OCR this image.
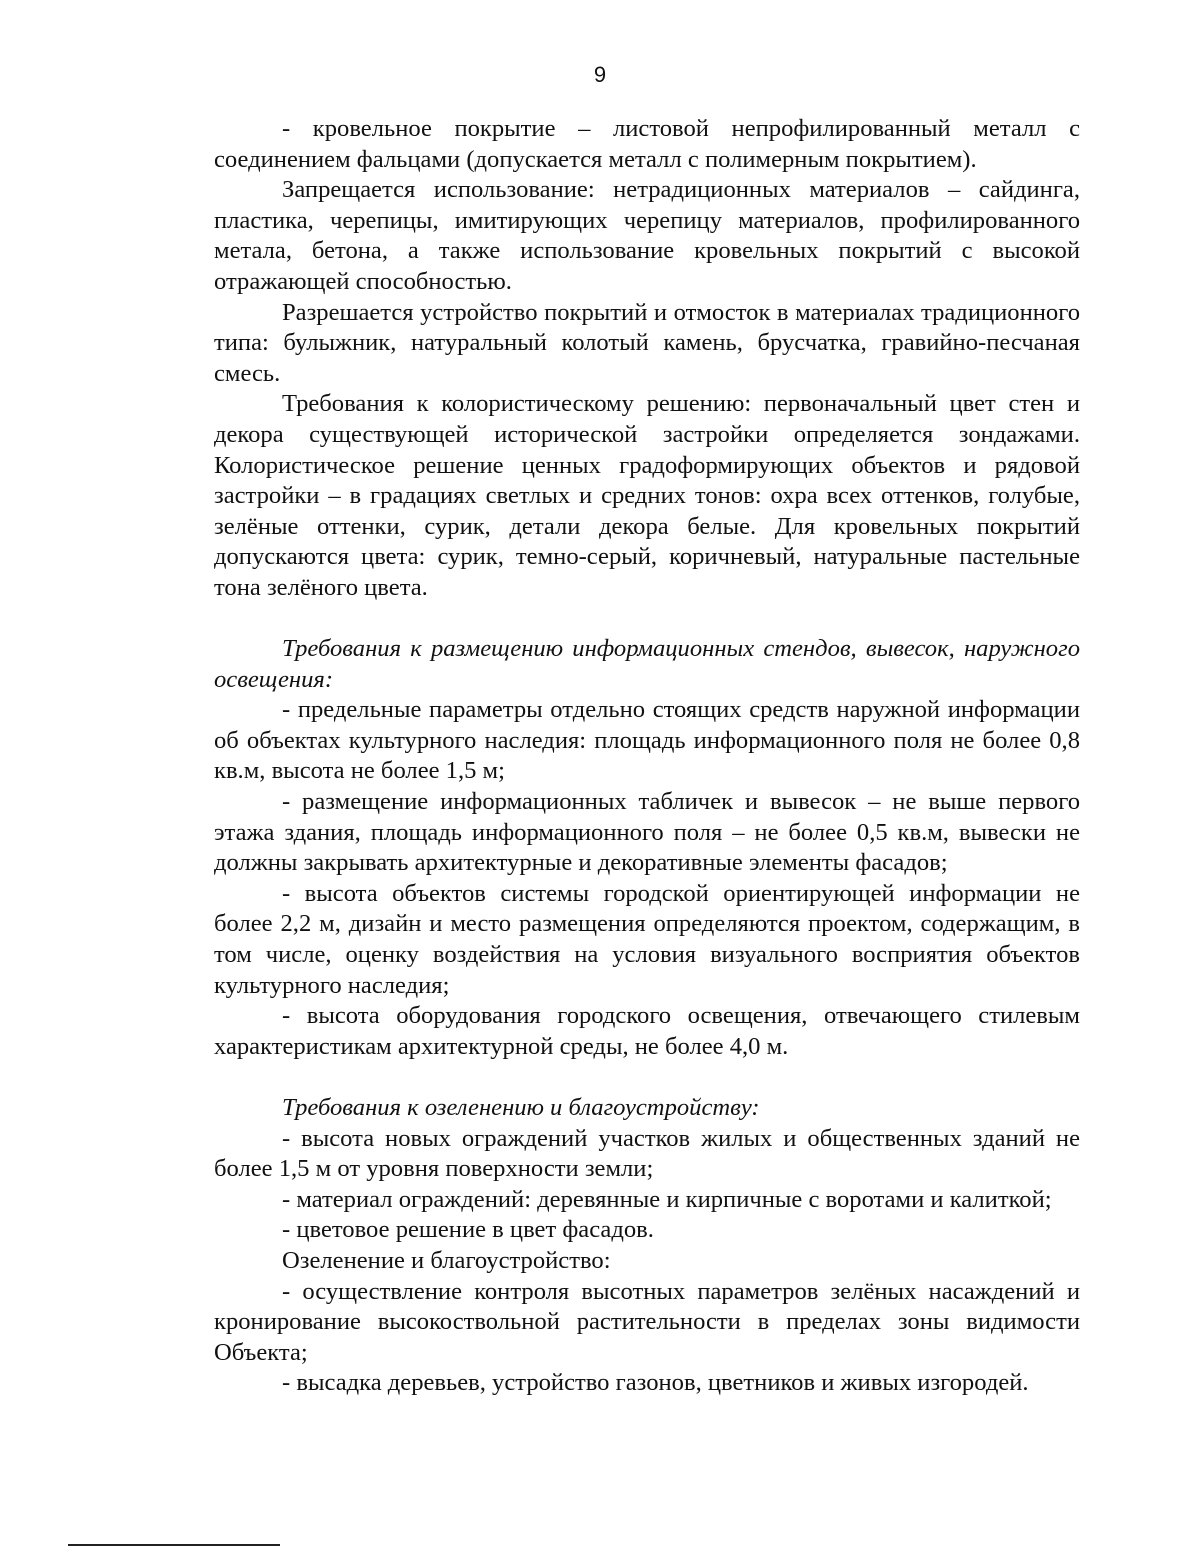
9

- кровельное покрытие – листовой непрофилированный металл с соединением фальцами (допускается металл с полимерным покрытием).

Запрещается использование: нетрадиционных материалов – сайдинга, пластика, черепицы, имитирующих черепицу материалов, профилированного метала, бетона, а также использование кровельных покрытий с высокой отражающей способностью.

Разрешается устройство покрытий и отмосток в материалах традиционного типа: булыжник, натуральный колотый камень, брусчатка, гравийно-песчаная смесь.

Требования к колористическому решению: первоначальный цвет стен и декора существующей исторической застройки определяется зондажами. Колористическое решение ценных градоформирующих объектов и рядовой застройки – в градациях светлых и средних тонов: охра всех оттенков, голубые, зелёные оттенки, сурик, детали декора белые. Для кровельных покрытий допускаются цвета: сурик, темно-серый, коричневый, натуральные пастельные тона зелёного цвета.

Требования к размещению информационных стендов, вывесок, наружного освещения:

- предельные параметры отдельно стоящих средств наружной информации об объектах культурного наследия: площадь информационного поля не более 0,8 кв.м, высота не более 1,5 м;

- размещение информационных табличек и вывесок – не выше первого этажа здания, площадь информационного поля – не более 0,5 кв.м, вывески не должны закрывать архитектурные и декоративные элементы фасадов;

- высота объектов системы городской ориентирующей информации не более 2,2 м, дизайн и место размещения определяются проектом, содержащим, в том числе, оценку воздействия на условия визуального восприятия объектов культурного наследия;

- высота оборудования городского освещения, отвечающего стилевым характеристикам архитектурной среды, не более 4,0 м.

Требования к озеленению и благоустройству:

- высота новых ограждений участков жилых и общественных зданий не более 1,5 м от уровня поверхности земли;

- материал ограждений: деревянные и кирпичные с воротами и калиткой;

- цветовое решение в цвет фасадов.

Озеленение и благоустройство:

- осуществление контроля высотных параметров зелёных насаждений и кронирование высокоствольной растительности в пределах зоны видимости Объекта;

- высадка деревьев, устройство газонов, цветников и живых изгородей.
